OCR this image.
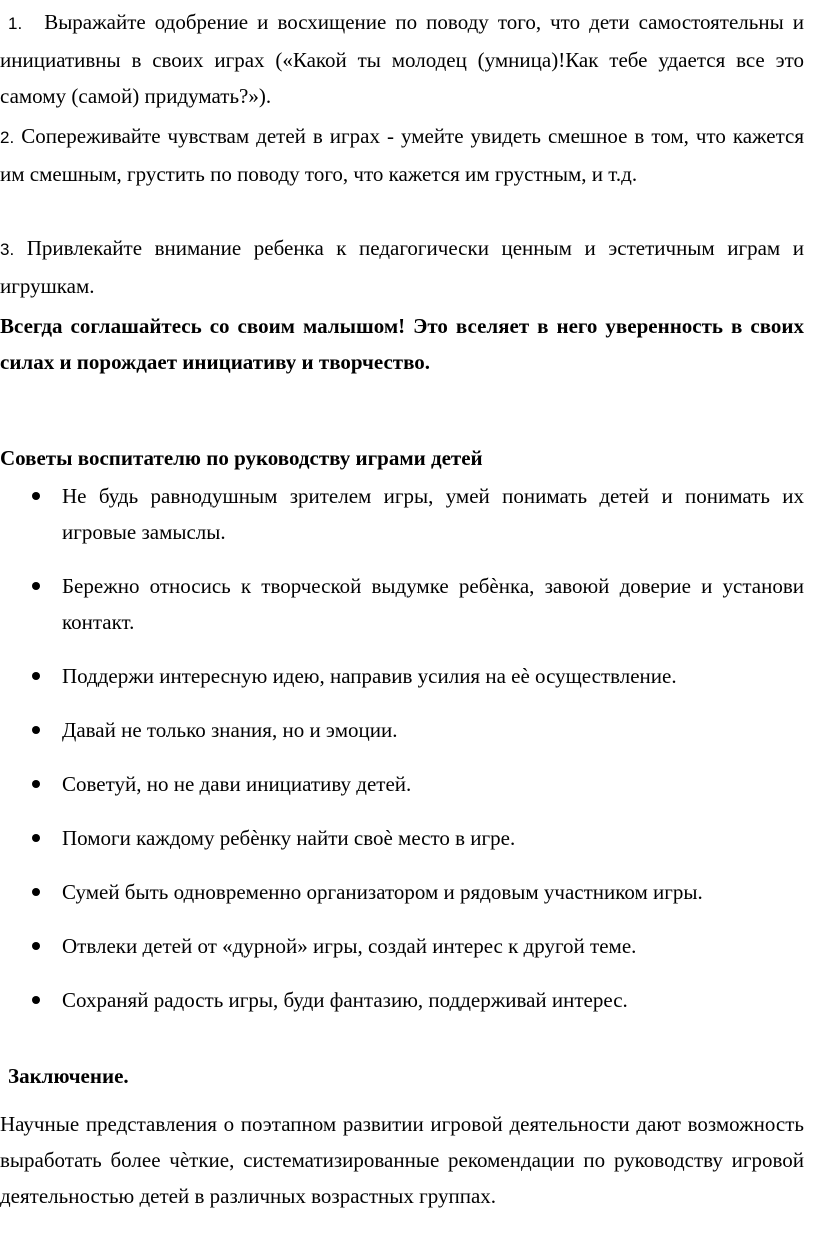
1. Выражайте одобрение и восхищение по поводу того, что дети самостоятельны и инициативны в своих играх («Какой ты молодец (умница)!Как тебе удается все это самому (самой) придумать?»).

2. Сопереживайте чувствам детей в играх - умейте увидеть смешное в том, что кажется им смешным, грустить по поводу того, что кажется им грустным, и т.д.

3. Привлекайте внимание ребенка к педагогически ценным и эстетичным играм и игрушкам.

Всегда соглашайтесь со своим малышом! Это вселяет в него уверенность в своих силах и порождает инициативу и творчество.

Советы воспитателю по руководству играми детей

Не будь равнодушным зрителем игры, умей понимать детей и понимать их игровые замыслы.
Бережно относись к творческой выдумке ребѐнка, завоюй доверие и установи контакт.
Поддержи интересную идею, направив усилия на еѐ осуществление.
Давай не только знания, но и эмоции.
Советуй, но не дави инициативу детей.
Помоги каждому ребѐнку найти своѐ место в игре.
Сумей быть одновременно организатором и рядовым участником игры.
Отвлеки детей от «дурной» игры, создай интерес к другой теме.
Сохраняй радость игры, буди фантазию, поддерживай интерес.

Заключение.

Научные представления о поэтапном развитии игровой деятельности дают возможность выработать более чѐткие, систематизированные рекомендации по руководству игровой деятельностью детей в различных возрастных группах.
